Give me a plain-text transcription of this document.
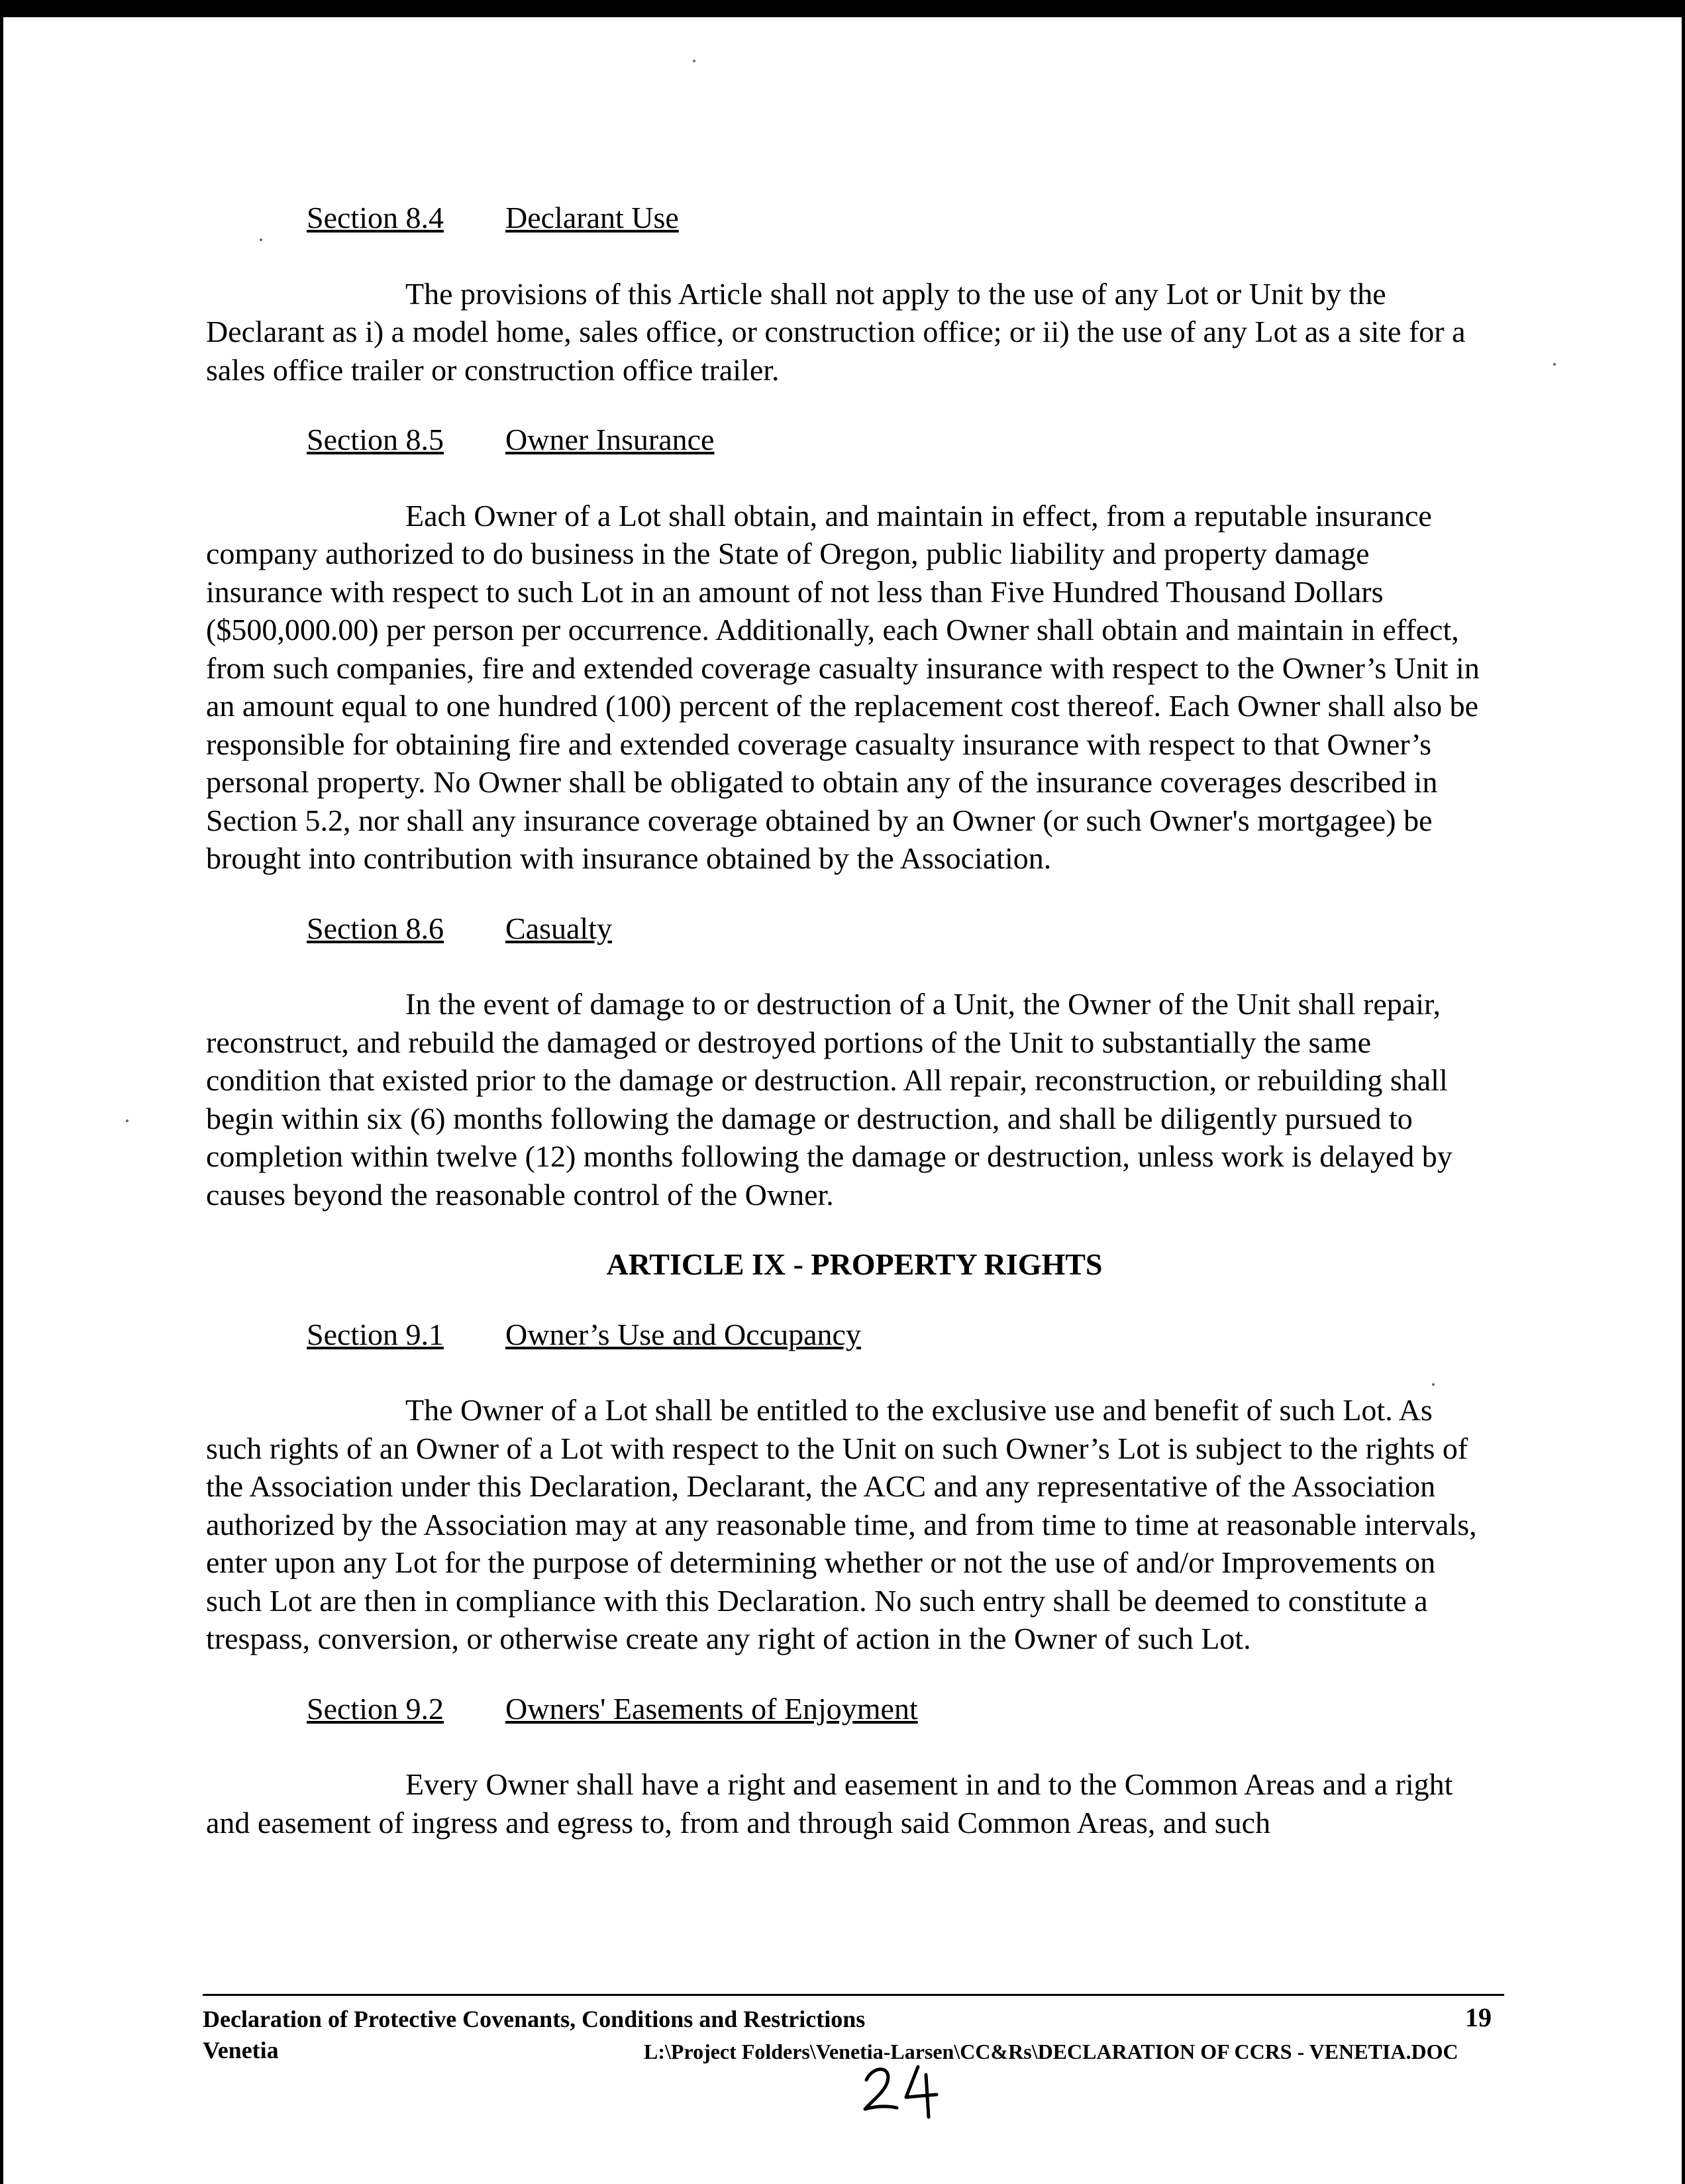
Section 8.4	Declarant Use

The provisions of this Article shall not apply to the use of any Lot or Unit by the Declarant as i) a model home, sales office, or construction office; or ii) the use of any Lot as a site for a sales office trailer or construction office trailer.

Section 8.5	Owner Insurance

Each Owner of a Lot shall obtain, and maintain in effect, from a reputable insurance company authorized to do business in the State of Oregon, public liability and property damage insurance with respect to such Lot in an amount of not less than Five Hundred Thousand Dollars ($500,000.00) per person per occurrence. Additionally, each Owner shall obtain and maintain in effect, from such companies, fire and extended coverage casualty insurance with respect to the Owner’s Unit in an amount equal to one hundred (100) percent of the replacement cost thereof. Each Owner shall also be responsible for obtaining fire and extended coverage casualty insurance with respect to that Owner’s personal property. No Owner shall be obligated to obtain any of the insurance coverages described in Section 5.2, nor shall any insurance coverage obtained by an Owner (or such Owner's mortgagee) be brought into contribution with insurance obtained by the Association.

Section 8.6	Casualty

In the event of damage to or destruction of a Unit, the Owner of the Unit shall repair, reconstruct, and rebuild the damaged or destroyed portions of the Unit to substantially the same condition that existed prior to the damage or destruction. All repair, reconstruction, or rebuilding shall begin within six (6) months following the damage or destruction, and shall be diligently pursued to completion within twelve (12) months following the damage or destruction, unless work is delayed by causes beyond the reasonable control of the Owner.

ARTICLE IX - PROPERTY RIGHTS
Section 9.1	Owner’s Use and Occupancy

The Owner of a Lot shall be entitled to the exclusive use and benefit of such Lot. As such rights of an Owner of a Lot with respect to the Unit on such Owner’s Lot is subject to the rights of the Association under this Declaration, Declarant, the ACC and any representative of the Association authorized by the Association may at any reasonable time, and from time to time at reasonable intervals, enter upon any Lot for the purpose of determining whether or not the use of and/or Improvements on such Lot are then in compliance with this Declaration. No such entry shall be deemed to constitute a trespass, conversion, or otherwise create any right of action in the Owner of such Lot.

Section 9.2	Owners' Easements of Enjoyment

Every Owner shall have a right and easement in and to the Common Areas and a right and easement of ingress and egress to, from and through said Common Areas, and such

Declaration of Protective Covenants, Conditions and Restrictions	19
Venetia	L:\Project Folders\Venetia-Larsen\CC&Rs\DECLARATION OF CCRS - VENETIA.DOC
